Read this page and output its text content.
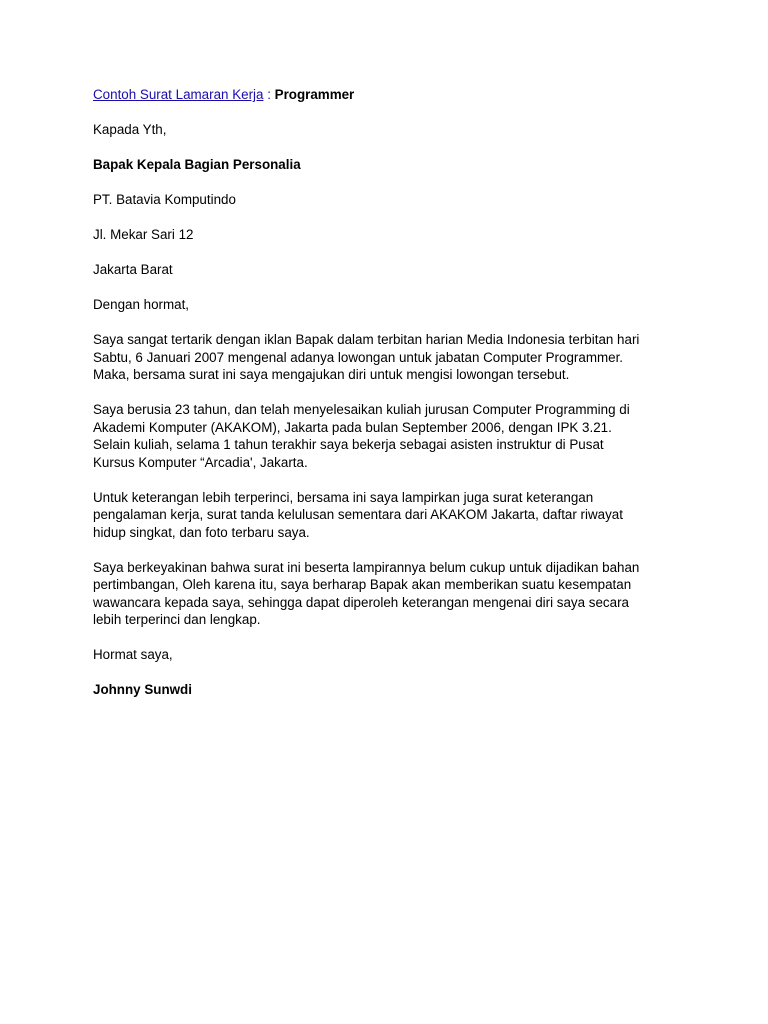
Contoh Surat Lamaran Kerja : Programmer

Kapada Yth,

Bapak Kepala Bagian Personalia

PT. Batavia Komputindo

Jl. Mekar Sari 12

Jakarta Barat

Dengan hormat,

Saya sangat tertarik dengan iklan Bapak dalam terbitan harian Media Indonesia terbitan hari
Sabtu, 6 Januari 2007 mengenal adanya lowongan untuk jabatan Computer Programmer.
Maka, bersama surat ini saya mengajukan diri untuk mengisi lowongan tersebut.

Saya berusia 23 tahun, dan telah menyelesaikan kuliah jurusan Computer Programming di
Akademi Komputer (AKAKOM), Jakarta pada bulan September 2006, dengan IPK 3.21.
Selain kuliah, selama 1 tahun terakhir saya bekerja sebagai asisten instruktur di Pusat
Kursus Komputer “Arcadia', Jakarta.

Untuk keterangan lebih terperinci, bersama ini saya lampirkan juga surat keterangan
pengalaman kerja, surat tanda kelulusan sementara dari AKAKOM Jakarta, daftar riwayat
hidup singkat, dan foto terbaru saya.

Saya berkeyakinan bahwa surat ini beserta lampirannya belum cukup untuk dijadikan bahan
pertimbangan, Oleh karena itu, saya berharap Bapak akan memberikan suatu kesempatan
wawancara kepada saya, sehingga dapat diperoleh keterangan mengenai diri saya secara
lebih terperinci dan lengkap.

Hormat saya,

Johnny Sunwdi
